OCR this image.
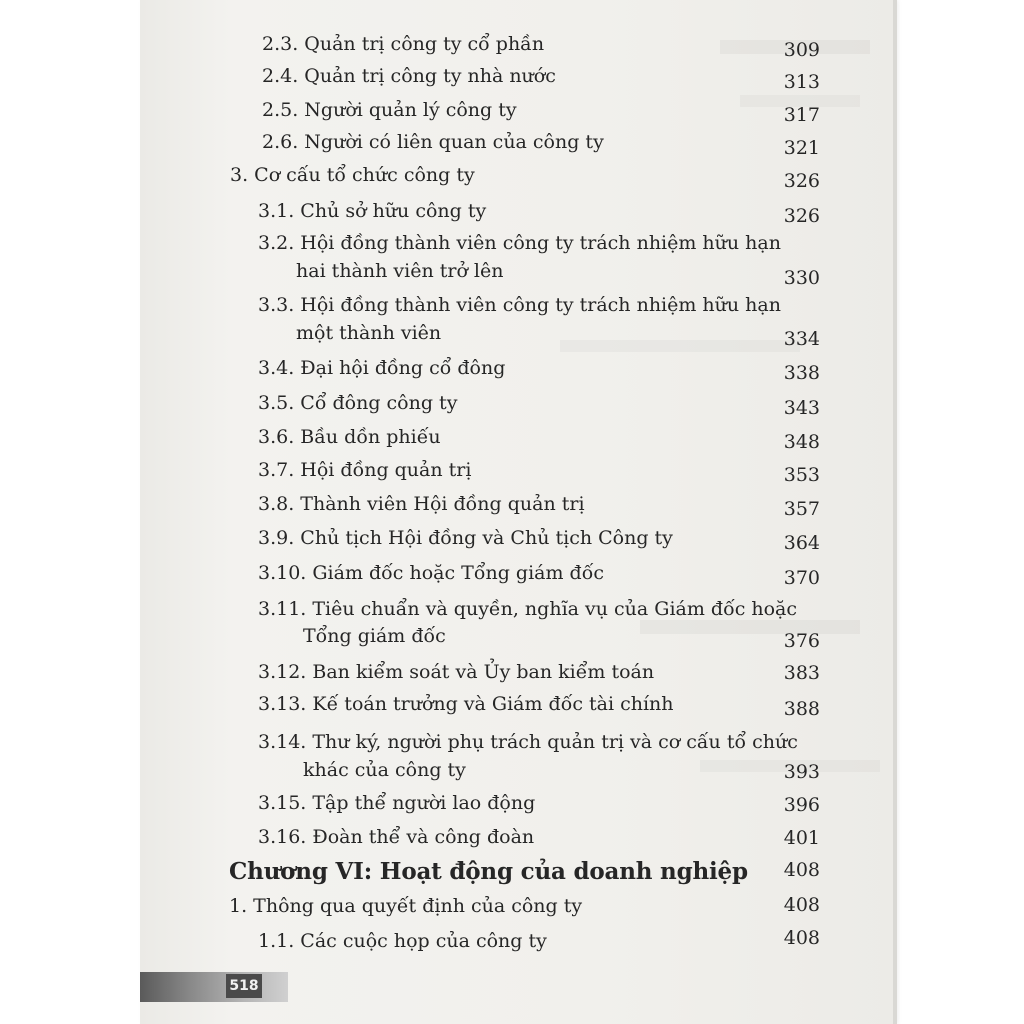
2.3. Quản trị công ty cổ phần	309
2.4. Quản trị công ty nhà nước	313
2.5. Người quản lý công ty	317
2.6. Người có liên quan của công ty	321
3. Cơ cấu tổ chức công ty	326
3.1. Chủ sở hữu công ty	326
3.2. Hội đồng thành viên công ty trách nhiệm hữu hạn
hai thành viên trở lên	330
3.3. Hội đồng thành viên công ty trách nhiệm hữu hạn
một thành viên	334
3.4. Đại hội đồng cổ đông	338
3.5. Cổ đông công ty	343
3.6. Bầu dồn phiếu	348
3.7. Hội đồng quản trị	353
3.8. Thành viên Hội đồng quản trị	357
3.9. Chủ tịch Hội đồng và Chủ tịch Công ty	364
3.10. Giám đốc hoặc Tổng giám đốc	370
3.11. Tiêu chuẩn và quyền, nghĩa vụ của Giám đốc hoặc
Tổng giám đốc	376
3.12. Ban kiểm soát và Ủy ban kiểm toán	383
3.13. Kế toán trưởng và Giám đốc tài chính	388
3.14. Thư ký, người phụ trách quản trị và cơ cấu tổ chức
khác của công ty	393
3.15. Tập thể người lao động	396
3.16. Đoàn thể và công đoàn	401
Chương VI: Hoạt động của doanh nghiệp	408
1. Thông qua quyết định của công ty	408
1.1. Các cuộc họp của công ty	408
518
